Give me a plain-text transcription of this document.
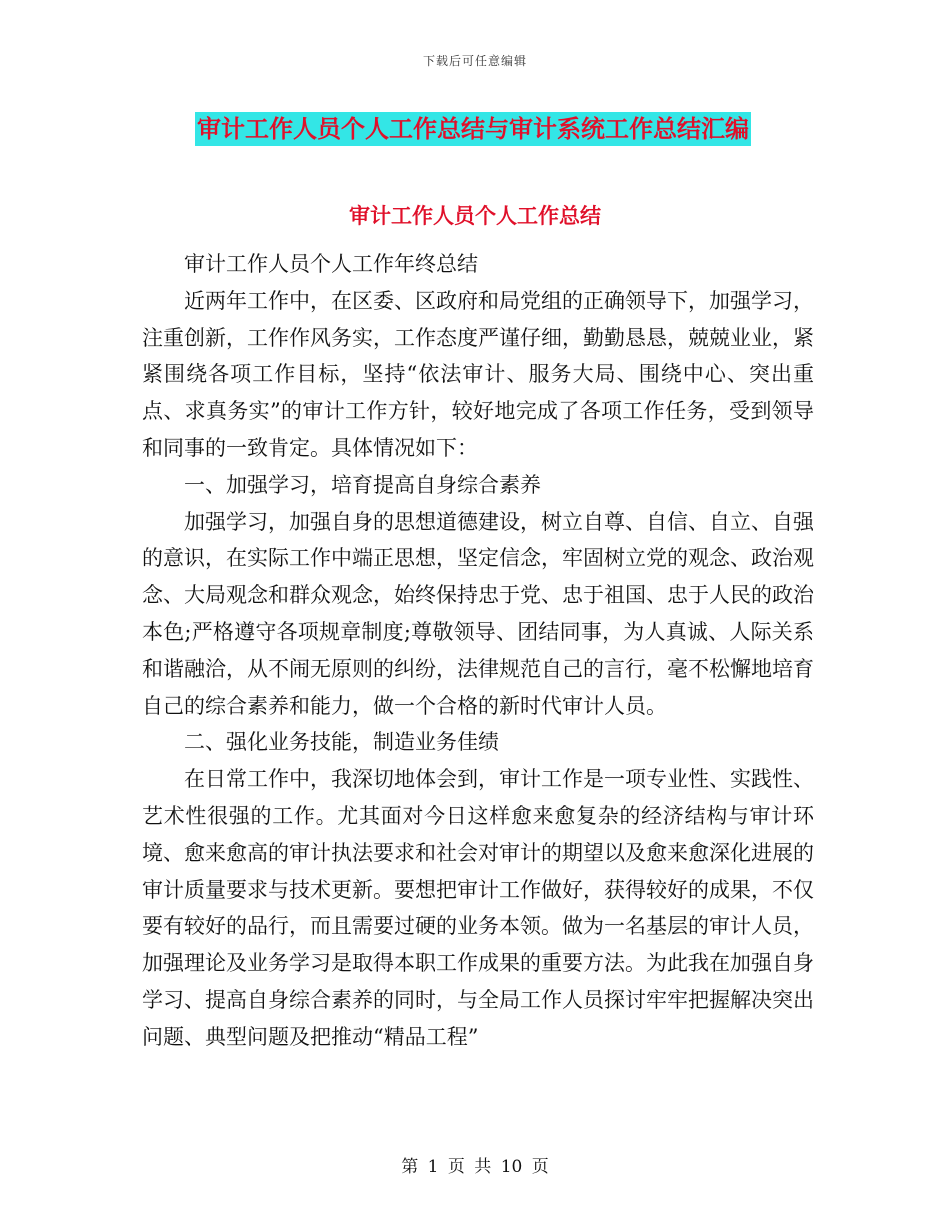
下载后可任意编辑
审计工作人员个人工作总结与审计系统工作总结汇编
审计工作人员个人工作总结

审计工作人员个人工作年终总结

近两年工作中，在区委、区政府和局党组的正确领导下，加强学习，注重创新，工作作风务实，工作态度严谨仔细，勤勤恳恳，兢兢业业，紧紧围绕各项工作目标，坚持“依法审计、服务大局、围绕中心、突出重点、求真务实”的审计工作方针，较好地完成了各项工作任务，受到领导和同事的一致肯定。具体情况如下：

一、加强学习，培育提高自身综合素养

加强学习，加强自身的思想道德建设，树立自尊、自信、自立、自强的意识，在实际工作中端正思想，坚定信念，牢固树立党的观念、政治观念、大局观念和群众观念，始终保持忠于党、忠于祖国、忠于人民的政治本色;严格遵守各项规章制度;尊敬领导、团结同事，为人真诚、人际关系和谐融洽，从不闹无原则的纠纷，法律规范自己的言行，毫不松懈地培育自己的综合素养和能力，做一个合格的新时代审计人员。

二、强化业务技能，制造业务佳绩

在日常工作中，我深切地体会到，审计工作是一项专业性、实践性、艺术性很强的工作。尤其面对今日这样愈来愈复杂的经济结构与审计环境、愈来愈高的审计执法要求和社会对审计的期望以及愈来愈深化进展的审计质量要求与技术更新。要想把审计工作做好，获得较好的成果，不仅要有较好的品行，而且需要过硬的业务本领。做为一名基层的审计人员，加强理论及业务学习是取得本职工作成果的重要方法。为此我在加强自身学习、提高自身综合素养的同时，与全局工作人员探讨牢牢把握解决突出问题、典型问题及把推动“精品工程”

第 1 页 共 10 页
